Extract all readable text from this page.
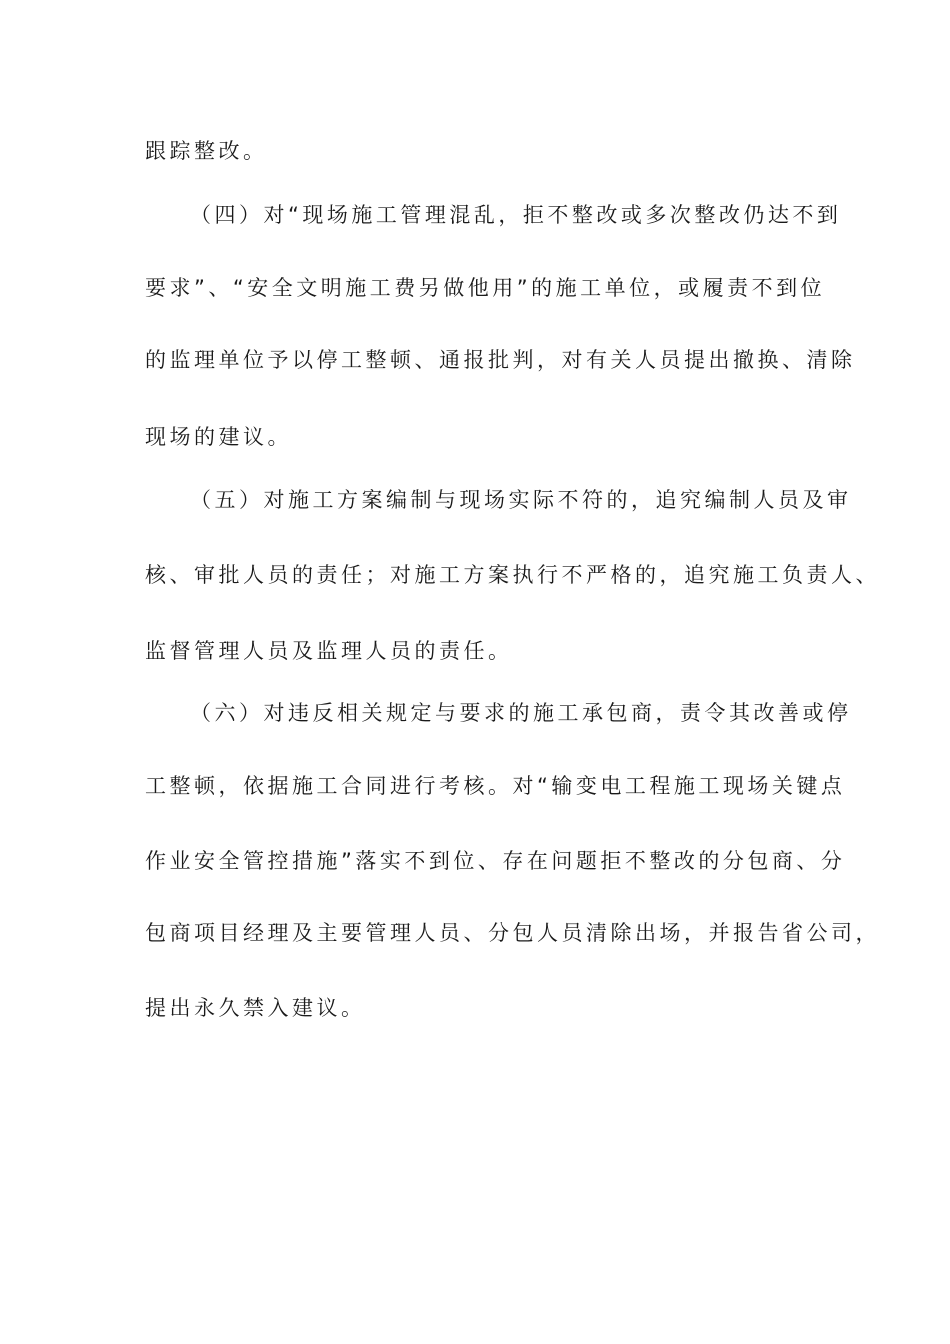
跟踪整改。
（四）对“现场施工管理混乱，拒不整改或多次整改仍达不到
要求”、“安全文明施工费另做他用”的施工单位，或履责不到位
的监理单位予以停工整顿、通报批判，对有关人员提出撤换、清除
现场的建议。
（五）对施工方案编制与现场实际不符的，追究编制人员及审
核、审批人员的责任；对施工方案执行不严格的，追究施工负责人、
监督管理人员及监理人员的责任。
（六）对违反相关规定与要求的施工承包商，责令其改善或停
工整顿，依据施工合同进行考核。对“输变电工程施工现场关键点
作业安全管控措施”落实不到位、存在问题拒不整改的分包商、分
包商项目经理及主要管理人员、分包人员清除出场，并报告省公司，
提出永久禁入建议。
